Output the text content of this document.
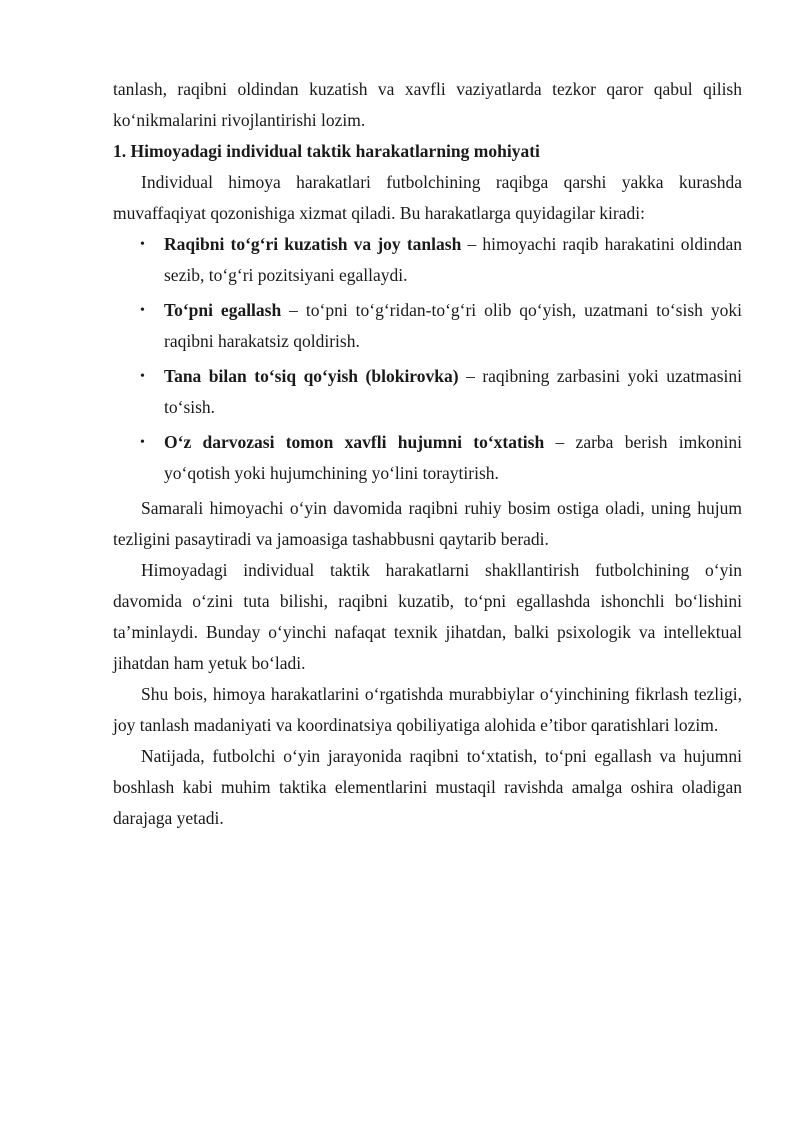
tanlash, raqibni oldindan kuzatish va xavfli vaziyatlarda tezkor qaror qabul qilish ko‘nikmalarini rivojlantirishi lozim.

1. Himoyadagi individual taktik harakatlarning mohiyati

Individual himoya harakatlari futbolchining raqibga qarshi yakka kurashda muvaffaqiyat qozonishiga xizmat qiladi. Bu harakatlarga quyidagilar kiradi:

• Raqibni to‘g‘ri kuzatish va joy tanlash – himoyachi raqib harakatini oldindan sezib, to‘g‘ri pozitsiyani egallaydi.
• To‘pni egallash – to‘pni to‘g‘ridan-to‘g‘ri olib qo‘yish, uzatmani to‘sish yoki raqibni harakatsiz qoldirish.
• Tana bilan to‘siq qo‘yish (blokirovka) – raqibning zarbasini yoki uzatmasini to‘sish.
• O‘z darvozasi tomon xavfli hujumni to‘xtatish – zarba berish imkonini yo‘qotish yoki hujumchining yo‘lini toraytirish.

Samarali himoyachi o‘yin davomida raqibni ruhiy bosim ostiga oladi, uning hujum tezligini pasaytiradi va jamoasiga tashabbusni qaytarib beradi.

Himoyadagi individual taktik harakatlarni shakllantirish futbolchining o‘yin davomida o‘zini tuta bilishi, raqibni kuzatib, to‘pni egallashda ishonchli bo‘lishini ta’minlaydi. Bunday o‘yinchi nafaqat texnik jihatdan, balki psixologik va intellektual jihatdan ham yetuk bo‘ladi.

Shu bois, himoya harakatlarini o‘rgatishda murabbiylar o‘yinchining fikrlash tezligi, joy tanlash madaniyati va koordinatsiya qobiliyatiga alohida e’tibor qaratishlari lozim.

Natijada, futbolchi o‘yin jarayonida raqibni to‘xtatish, to‘pni egallash va hujumni boshlash kabi muhim taktika elementlarini mustaqil ravishda amalga oshira oladigan darajaga yetadi.
